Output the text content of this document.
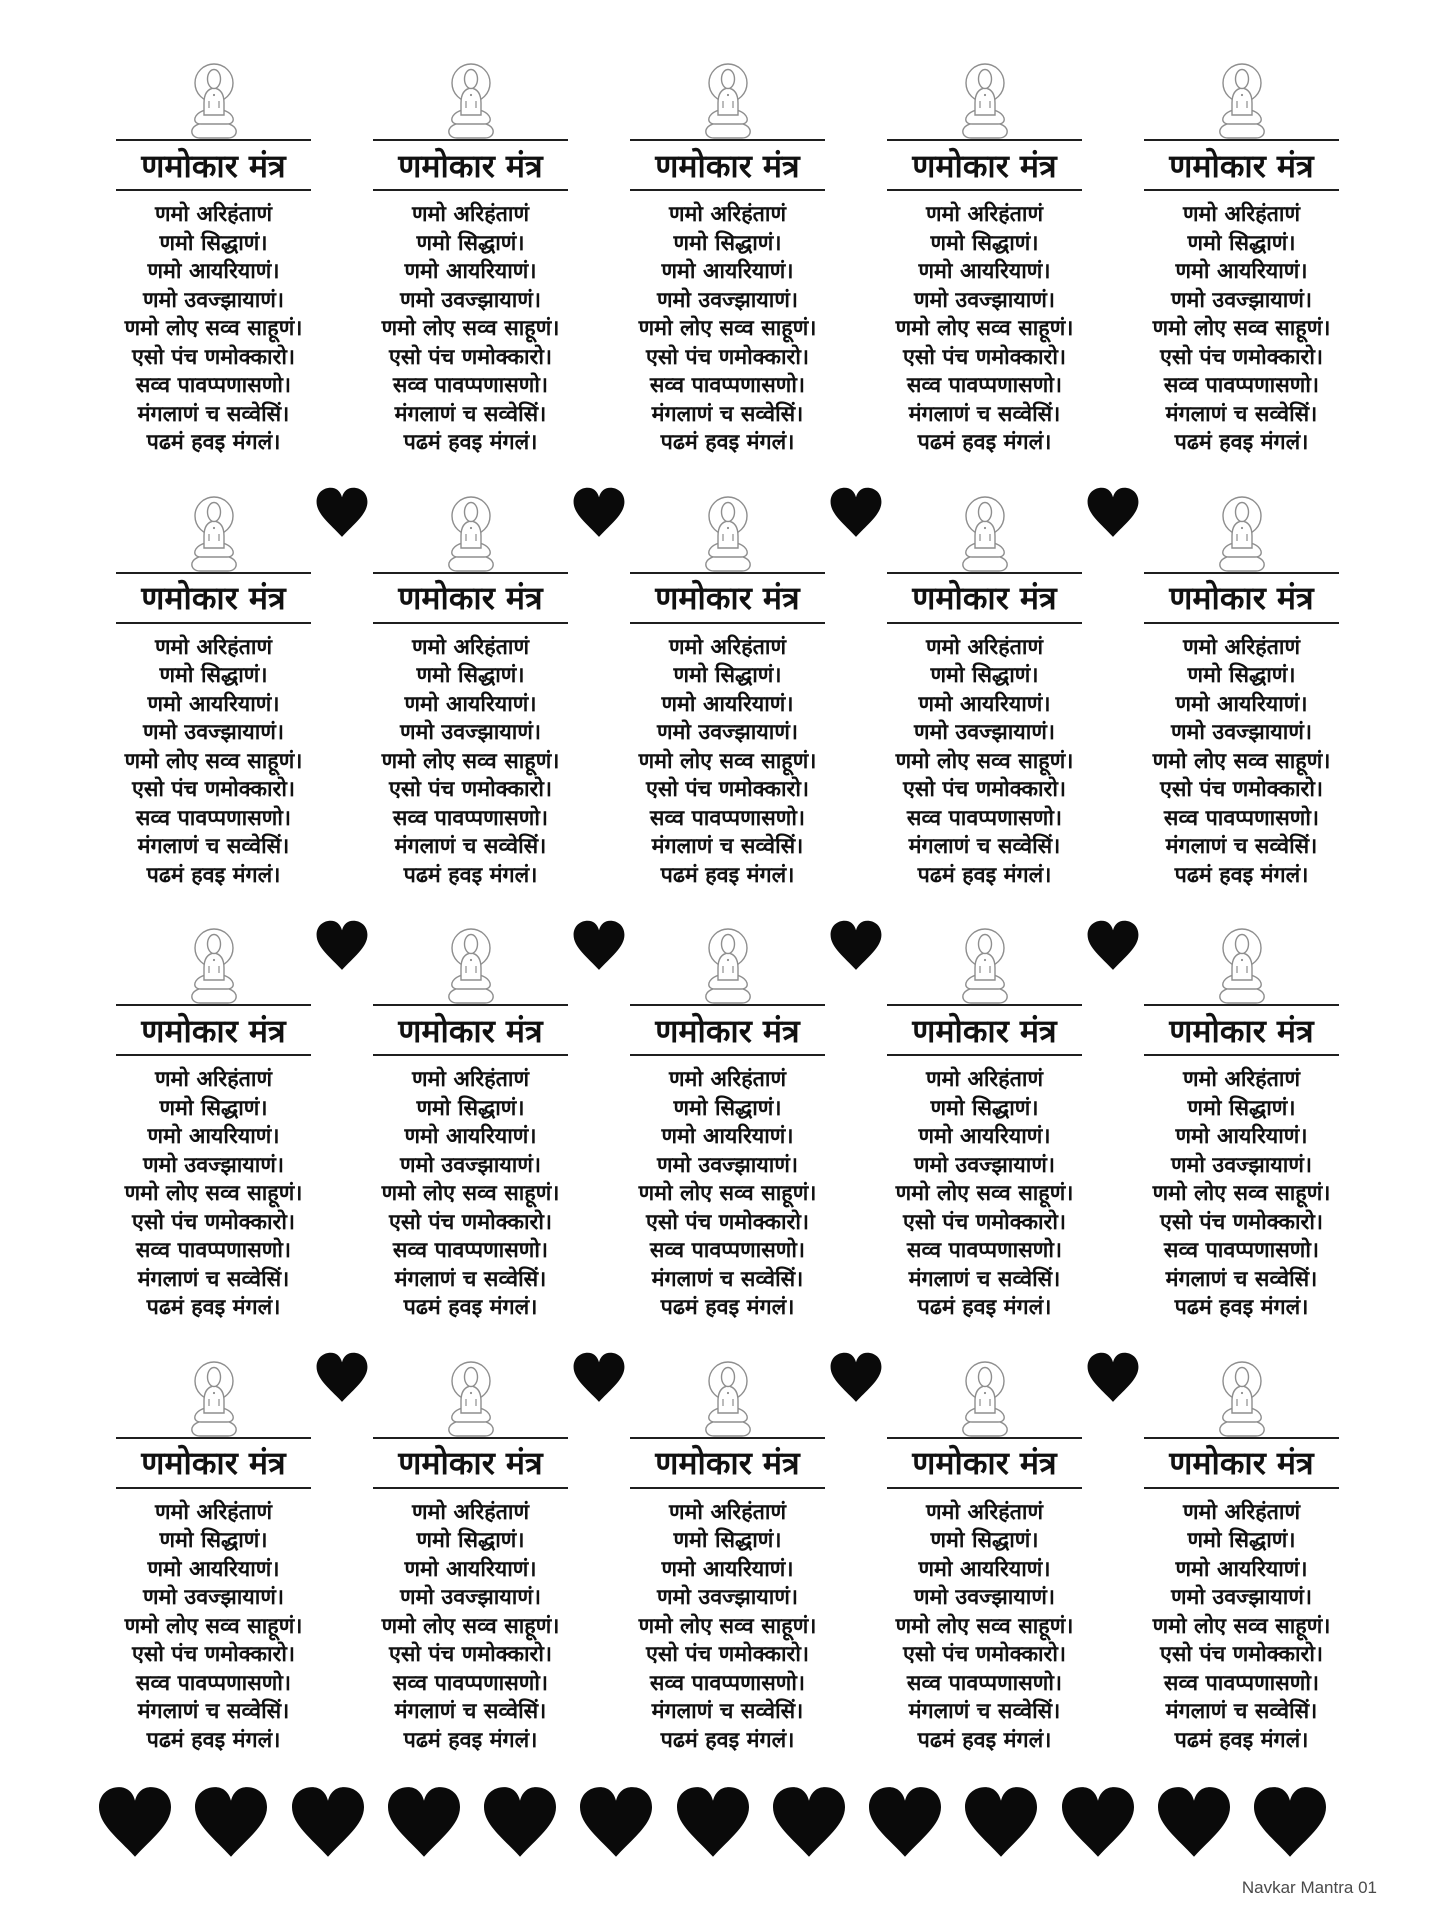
णमोकार मंत्र
णमो अरिहंताणं
णमो सिद्धाणं।
णमो आयरियाणं।
णमो उवज्झायाणं।
णमो लोए सव्व साहूणं।
एसो पंच णमोक्कारो।
सव्व पावप्पणासणो।
मंगलाणं च सव्वेसिं।
पढमं हवइ मंगलं।
णमोकार मंत्र
णमो अरिहंताणं
णमो सिद्धाणं।
णमो आयरियाणं।
णमो उवज्झायाणं।
णमो लोए सव्व साहूणं।
एसो पंच णमोक्कारो।
सव्व पावप्पणासणो।
मंगलाणं च सव्वेसिं।
पढमं हवइ मंगलं।
णमोकार मंत्र
णमो अरिहंताणं
णमो सिद्धाणं।
णमो आयरियाणं।
णमो उवज्झायाणं।
णमो लोए सव्व साहूणं।
एसो पंच णमोक्कारो।
सव्व पावप्पणासणो।
मंगलाणं च सव्वेसिं।
पढमं हवइ मंगलं।
णमोकार मंत्र
णमो अरिहंताणं
णमो सिद्धाणं।
णमो आयरियाणं।
णमो उवज्झायाणं।
णमो लोए सव्व साहूणं।
एसो पंच णमोक्कारो।
सव्व पावप्पणासणो।
मंगलाणं च सव्वेसिं।
पढमं हवइ मंगलं।
णमोकार मंत्र
णमो अरिहंताणं
णमो सिद्धाणं।
णमो आयरियाणं।
णमो उवज्झायाणं।
णमो लोए सव्व साहूणं।
एसो पंच णमोक्कारो।
सव्व पावप्पणासणो।
मंगलाणं च सव्वेसिं।
पढमं हवइ मंगलं।
णमोकार मंत्र
णमो अरिहंताणं
णमो सिद्धाणं।
णमो आयरियाणं।
णमो उवज्झायाणं।
णमो लोए सव्व साहूणं।
एसो पंच णमोक्कारो।
सव्व पावप्पणासणो।
मंगलाणं च सव्वेसिं।
पढमं हवइ मंगलं।
णमोकार मंत्र
णमो अरिहंताणं
णमो सिद्धाणं।
णमो आयरियाणं।
णमो उवज्झायाणं।
णमो लोए सव्व साहूणं।
एसो पंच णमोक्कारो।
सव्व पावप्पणासणो।
मंगलाणं च सव्वेसिं।
पढमं हवइ मंगलं।
णमोकार मंत्र
णमो अरिहंताणं
णमो सिद्धाणं।
णमो आयरियाणं।
णमो उवज्झायाणं।
णमो लोए सव्व साहूणं।
एसो पंच णमोक्कारो।
सव्व पावप्पणासणो।
मंगलाणं च सव्वेसिं।
पढमं हवइ मंगलं।
णमोकार मंत्र
णमो अरिहंताणं
णमो सिद्धाणं।
णमो आयरियाणं।
णमो उवज्झायाणं।
णमो लोए सव्व साहूणं।
एसो पंच णमोक्कारो।
सव्व पावप्पणासणो।
मंगलाणं च सव्वेसिं।
पढमं हवइ मंगलं।
णमोकार मंत्र
णमो अरिहंताणं
णमो सिद्धाणं।
णमो आयरियाणं।
णमो उवज्झायाणं।
णमो लोए सव्व साहूणं।
एसो पंच णमोक्कारो।
सव्व पावप्पणासणो।
मंगलाणं च सव्वेसिं।
पढमं हवइ मंगलं।
णमोकार मंत्र
णमो अरिहंताणं
णमो सिद्धाणं।
णमो आयरियाणं।
णमो उवज्झायाणं।
णमो लोए सव्व साहूणं।
एसो पंच णमोक्कारो।
सव्व पावप्पणासणो।
मंगलाणं च सव्वेसिं।
पढमं हवइ मंगलं।
णमोकार मंत्र
णमो अरिहंताणं
णमो सिद्धाणं।
णमो आयरियाणं।
णमो उवज्झायाणं।
णमो लोए सव्व साहूणं।
एसो पंच णमोक्कारो।
सव्व पावप्पणासणो।
मंगलाणं च सव्वेसिं।
पढमं हवइ मंगलं।
णमोकार मंत्र
णमो अरिहंताणं
णमो सिद्धाणं।
णमो आयरियाणं।
णमो उवज्झायाणं।
णमो लोए सव्व साहूणं।
एसो पंच णमोक्कारो।
सव्व पावप्पणासणो।
मंगलाणं च सव्वेसिं।
पढमं हवइ मंगलं।
णमोकार मंत्र
णमो अरिहंताणं
णमो सिद्धाणं।
णमो आयरियाणं।
णमो उवज्झायाणं।
णमो लोए सव्व साहूणं।
एसो पंच णमोक्कारो।
सव्व पावप्पणासणो।
मंगलाणं च सव्वेसिं।
पढमं हवइ मंगलं।
णमोकार मंत्र
णमो अरिहंताणं
णमो सिद्धाणं।
णमो आयरियाणं।
णमो उवज्झायाणं।
णमो लोए सव्व साहूणं।
एसो पंच णमोक्कारो।
सव्व पावप्पणासणो।
मंगलाणं च सव्वेसिं।
पढमं हवइ मंगलं।
णमोकार मंत्र
णमो अरिहंताणं
णमो सिद्धाणं।
णमो आयरियाणं।
णमो उवज्झायाणं।
णमो लोए सव्व साहूणं।
एसो पंच णमोक्कारो।
सव्व पावप्पणासणो।
मंगलाणं च सव्वेसिं।
पढमं हवइ मंगलं।
णमोकार मंत्र
णमो अरिहंताणं
णमो सिद्धाणं।
णमो आयरियाणं।
णमो उवज्झायाणं।
णमो लोए सव्व साहूणं।
एसो पंच णमोक्कारो।
सव्व पावप्पणासणो।
मंगलाणं च सव्वेसिं।
पढमं हवइ मंगलं।
णमोकार मंत्र
णमो अरिहंताणं
णमो सिद्धाणं।
णमो आयरियाणं।
णमो उवज्झायाणं।
णमो लोए सव्व साहूणं।
एसो पंच णमोक्कारो।
सव्व पावप्पणासणो।
मंगलाणं च सव्वेसिं।
पढमं हवइ मंगलं।
णमोकार मंत्र
णमो अरिहंताणं
णमो सिद्धाणं।
णमो आयरियाणं।
णमो उवज्झायाणं।
णमो लोए सव्व साहूणं।
एसो पंच णमोक्कारो।
सव्व पावप्पणासणो।
मंगलाणं च सव्वेसिं।
पढमं हवइ मंगलं।
णमोकार मंत्र
णमो अरिहंताणं
णमो सिद्धाणं।
णमो आयरियाणं।
णमो उवज्झायाणं।
णमो लोए सव्व साहूणं।
एसो पंच णमोक्कारो।
सव्व पावप्पणासणो।
मंगलाणं च सव्वेसिं।
पढमं हवइ मंगलं।
Navkar Mantra 01
